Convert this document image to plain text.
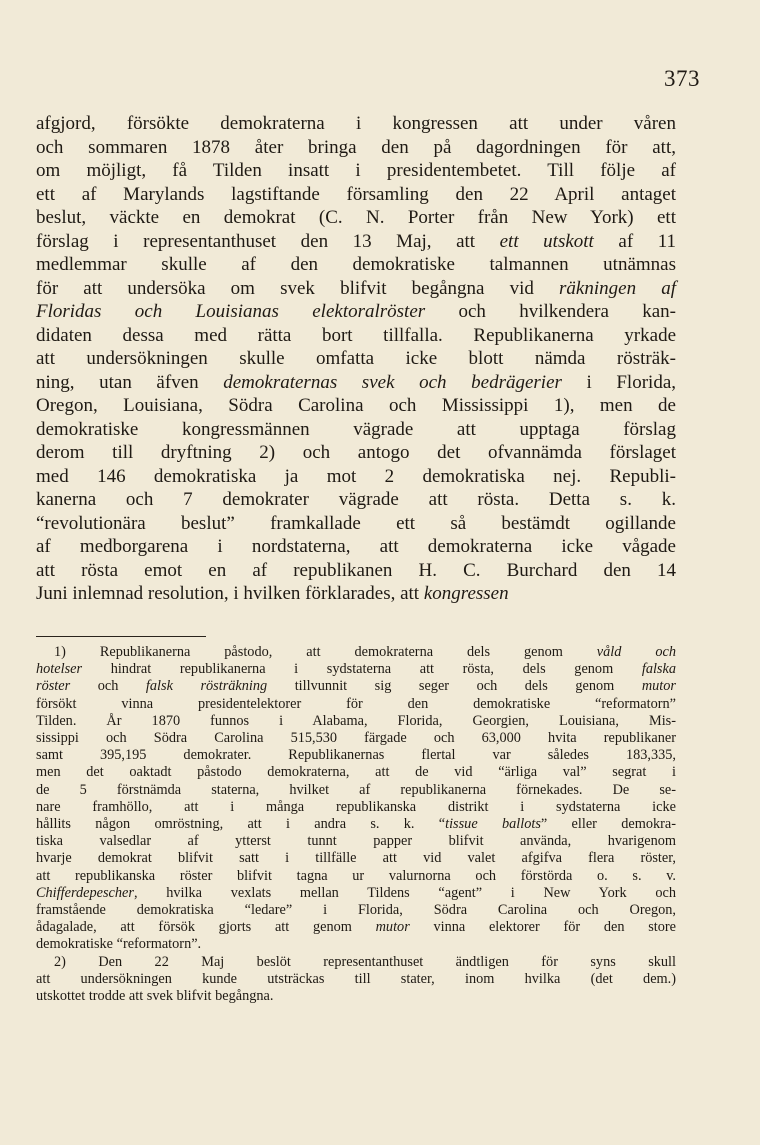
373
afgjord, försökte demokraterna i kongressen att under våren
och sommaren 1878 åter bringa den på dagordningen för att,
om möjligt, få Tilden insatt i presidentembetet. Till följe af
ett af Marylands lagstiftande församling den 22 April antaget
beslut, väckte en demokrat (C. N. Porter från New York) ett
förslag i representanthuset den 13 Maj, att ett utskott af 11
medlemmar skulle af den demokratiske talmannen utnämnas
för att undersöka om svek blifvit begångna vid räkningen af
Floridas och Louisianas elektoralröster och hvilkendera kan-
didaten dessa med rätta bort tillfalla. Republikanerna yrkade
att undersökningen skulle omfatta icke blott nämda rösträk-
ning, utan äfven demokraternas svek och bedrägerier i Florida,
Oregon, Louisiana, Södra Carolina och Mississippi 1), men de
demokratiske kongressmännen vägrade att upptaga förslag
derom till dryftning 2) och antogo det ofvannämda förslaget
med 146 demokratiska ja mot 2 demokratiska nej. Republi-
kanerna och 7 demokrater vägrade att rösta. Detta s. k.
“revolutionära beslut” framkallade ett så bestämdt ogillande
af medborgarena i nordstaterna, att demokraterna icke vågade
att rösta emot en af republikanen H. C. Burchard den 14
Juni inlemnad resolution, i hvilken förklarades, att kongressen
1) Republikanerna påstodo, att demokraterna dels genom våld och
hotelser hindrat republikanerna i sydstaterna att rösta, dels genom falska
röster och falsk rösträkning tillvunnit sig seger och dels genom mutor
försökt vinna presidentelektorer för den demokratiske “reformatorn”
Tilden. År 1870 funnos i Alabama, Florida, Georgien, Louisiana, Mis-
sissippi och Södra Carolina 515,530 färgade och 63,000 hvita republikaner
samt 395,195 demokrater. Republikanernas flertal var således 183,335,
men det oaktadt påstodo demokraterna, att de vid “ärliga val” segrat i
de 5 förstnämda staterna, hvilket af republikanerna förnekades. De se-
nare framhöllo, att i många republikanska distrikt i sydstaterna icke
hållits någon omröstning, att i andra s. k. “tissue ballots” eller demokra-
tiska valsedlar af ytterst tunnt papper blifvit använda, hvarigenom
hvarje demokrat blifvit satt i tillfälle att vid valet afgifva flera röster,
att republikanska röster blifvit tagna ur valurnorna och förstörda o. s. v.
Chifferdepescher, hvilka vexlats mellan Tildens “agent” i New York och
framstående demokratiska “ledare” i Florida, Södra Carolina och Oregon,
ådagalade, att försök gjorts att genom mutor vinna elektorer för den store
demokratiske “reformatorn”.
2) Den 22 Maj beslöt representanthuset ändtligen för syns skull
att undersökningen kunde utsträckas till stater, inom hvilka (det dem.)
utskottet trodde att svek blifvit begångna.
